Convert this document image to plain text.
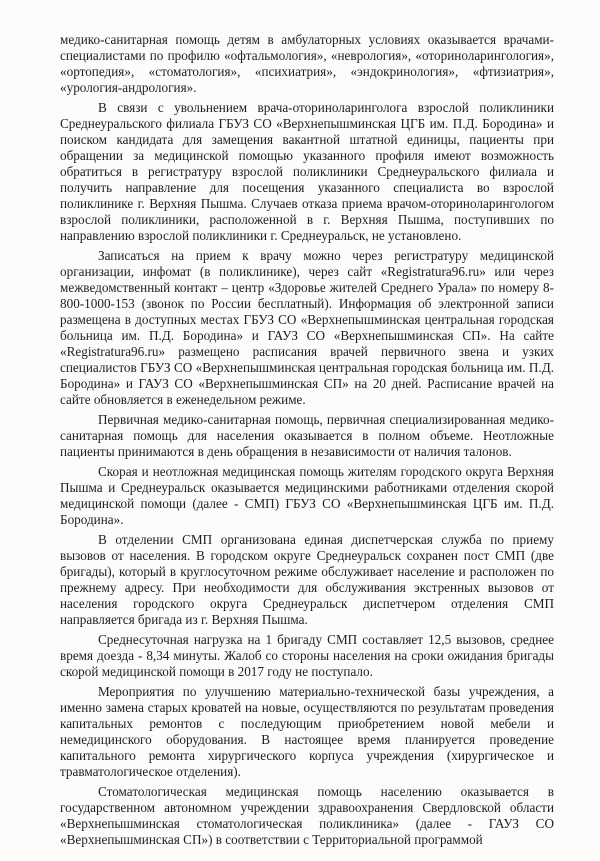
медико-санитарная помощь детям в амбулаторных условиях оказывается врачами-специалистами по профилю «офтальмология», «неврология», «оториноларингология», «ортопедия», «стоматология», «психиатрия», «эндокринология», «фтизиатрия», «урология-андрология».

В связи с увольнением врача-оториноларинголога взрослой поликлиники Среднеуральского филиала ГБУЗ СО «Верхнепышминская ЦГБ им. П.Д. Бородина» и поиском кандидата для замещения вакантной штатной единицы, пациенты при обращении за медицинской помощью указанного профиля имеют возможность обратиться в регистратуру взрослой поликлиники Среднеуральского филиала и получить направление для посещения указанного специалиста во взрослой поликлинике г. Верхняя Пышма. Случаев отказа приема врачом-оториноларингологом взрослой поликлиники, расположенной в г. Верхняя Пышма, поступивших по направлению взрослой поликлиники г. Среднеуральск, не установлено.

Записаться на прием к врачу можно через регистратуру медицинской организации, инфомат (в поликлинике), через сайт «Registratura96.ru» или через межведомственный контакт – центр «Здоровье жителей Среднего Урала» по номеру 8-800-1000-153 (звонок по России бесплатный). Информация об электронной записи размещена в доступных местах ГБУЗ СО «Верхнепышминская центральная городская больница им. П.Д. Бородина» и ГАУЗ СО «Верхнепышминская СП». На сайте «Registratura96.ru» размещено расписания врачей первичного звена и узких специалистов ГБУЗ СО «Верхнепышминская центральная городская больница им. П.Д. Бородина» и ГАУЗ СО «Верхнепышминская СП» на 20 дней. Расписание врачей на сайте обновляется в еженедельном режиме.

Первичная медико-санитарная помощь, первичная специализированная медико-санитарная помощь для населения оказывается в полном объеме. Неотложные пациенты принимаются в день обращения в независимости от наличия талонов.

Скорая и неотложная медицинская помощь жителям городского округа Верхняя Пышма и Среднеуральск оказывается медицинскими работниками отделения скорой медицинской помощи (далее - СМП) ГБУЗ СО «Верхнепышминская ЦГБ им. П.Д. Бородина».

В отделении СМП организована единая диспетчерская служба по приему вызовов от населения. В городском округе Среднеуральск сохранен пост СМП (две бригады), который в круглосуточном режиме обслуживает население и расположен по прежнему адресу. При необходимости для обслуживания экстренных вызовов от населения городского округа Среднеуральск диспетчером отделения СМП направляется бригада из г. Верхняя Пышма.

Среднесуточная нагрузка на 1 бригаду СМП составляет 12,5 вызовов, среднее время доезда - 8,34 минуты. Жалоб со стороны населения на сроки ожидания бригады скорой медицинской помощи в 2017 году не поступало.

Мероприятия по улучшению материально-технической базы учреждения, а именно замена старых кроватей на новые, осуществляются по результатам проведения капитальных ремонтов с последующим приобретением новой мебели и немедицинского оборудования. В настоящее время планируется проведение капитального ремонта хирургического корпуса учреждения (хирургическое и травматологическое отделения).

Стоматологическая медицинская помощь населению оказывается в государственном автономном учреждении здравоохранения Свердловской области «Верхнепышминская стоматологическая поликлиника» (далее - ГАУЗ СО «Верхнепышминская СП») в соответствии с Территориальной программой
